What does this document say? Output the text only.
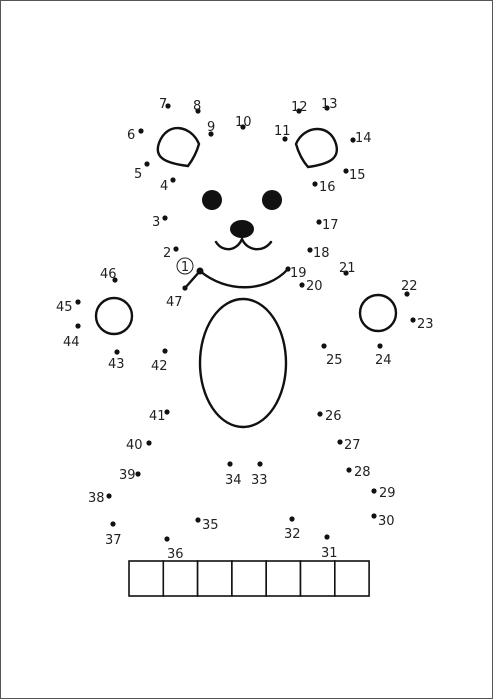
1
2
3
4
5
6
7 8
9 10
11
12 13
14
15
16
17
18
19
20
21
22
23
24
25
26
27
28
29
30
31
32
33
34
35
36
37
38
39
40
41
42
43
44
45
46
47
